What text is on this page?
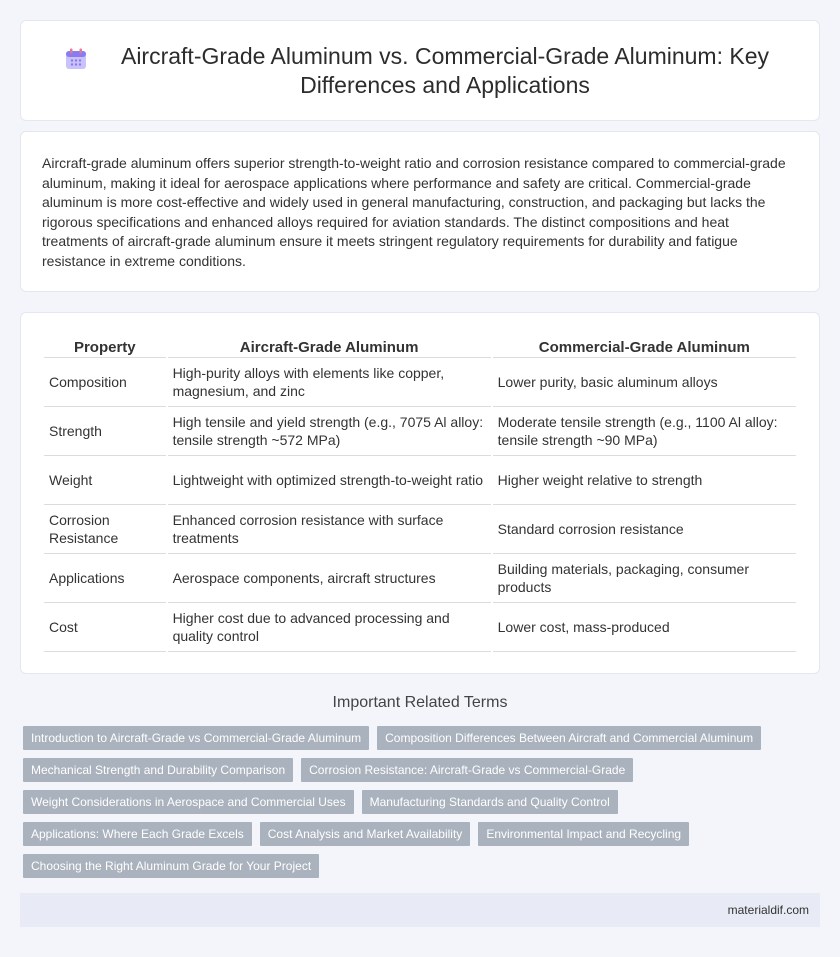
Aircraft-Grade Aluminum vs. Commercial-Grade Aluminum: Key Differences and Applications

Aircraft-grade aluminum offers superior strength-to-weight ratio and corrosion resistance compared to commercial-grade aluminum, making it ideal for aerospace applications where performance and safety are critical. Commercial-grade aluminum is more cost-effective and widely used in general manufacturing, construction, and packaging but lacks the rigorous specifications and enhanced alloys required for aviation standards. The distinct compositions and heat treatments of aircraft-grade aluminum ensure it meets stringent regulatory requirements for durability and fatigue resistance in extreme conditions.

Property	Aircraft-Grade Aluminum	Commercial-Grade Aluminum
Composition	High-purity alloys with elements like copper, magnesium, and zinc	Lower purity, basic aluminum alloys
Strength	High tensile and yield strength (e.g., 7075 Al alloy: tensile strength ~572 MPa)	Moderate tensile strength (e.g., 1100 Al alloy: tensile strength ~90 MPa)
Weight	Lightweight with optimized strength-to-weight ratio	Higher weight relative to strength
Corrosion Resistance	Enhanced corrosion resistance with surface treatments	Standard corrosion resistance
Applications	Aerospace components, aircraft structures	Building materials, packaging, consumer products
Cost	Higher cost due to advanced processing and quality control	Lower cost, mass-produced
Important Related Terms
Introduction to Aircraft-Grade vs Commercial-Grade Aluminum	Composition Differences Between Aircraft and Commercial Aluminum
Mechanical Strength and Durability Comparison	Corrosion Resistance: Aircraft-Grade vs Commercial-Grade
Weight Considerations in Aerospace and Commercial Uses	Manufacturing Standards and Quality Control
Applications: Where Each Grade Excels	Cost Analysis and Market Availability	Environmental Impact and Recycling
Choosing the Right Aluminum Grade for Your Project
materialdif.com
